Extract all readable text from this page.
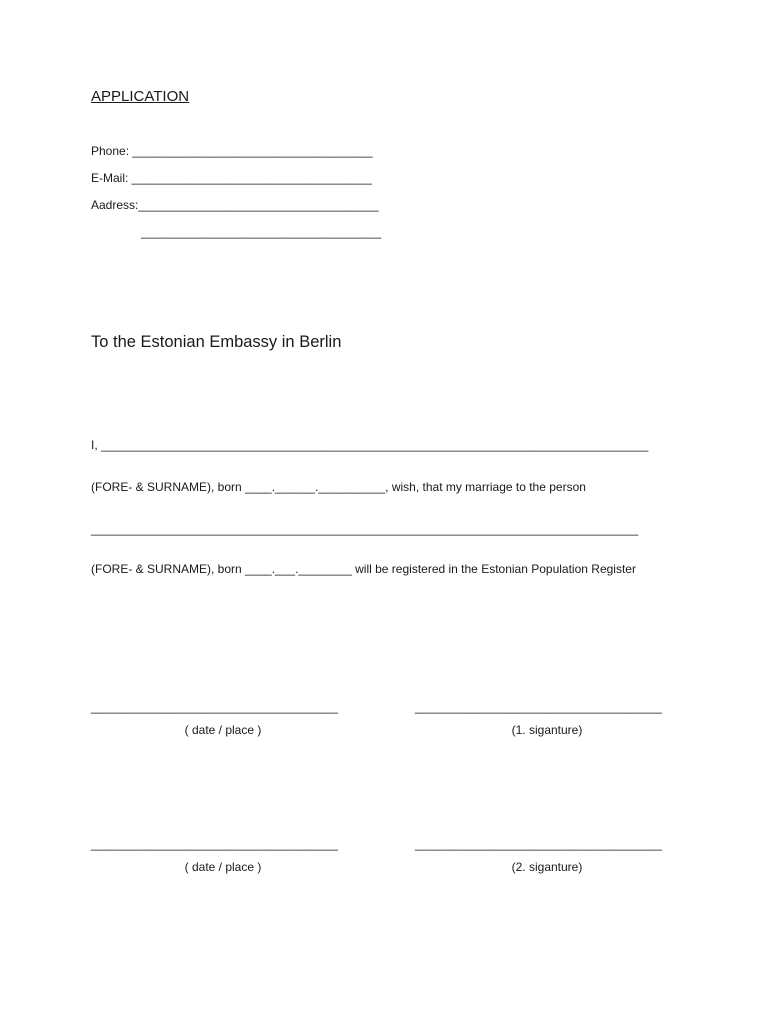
APPLICATION

Phone: ____________________________________

E-Mail: ____________________________________

Aadress:____________________________________

____________________________________

To the Estonian Embassy in Berlin

I, __________________________________________________________________________________

(FORE- & SURNAME), born ____.______.__________, wish, that my marriage to the person

__________________________________________________________________________________

(FORE- & SURNAME), born ____.___.________ will be registered in the Estonian Population Register

_____________________________________

( date / place )

_____________________________________

(1. siganture)

_____________________________________

( date / place )

_____________________________________

(2. siganture)
